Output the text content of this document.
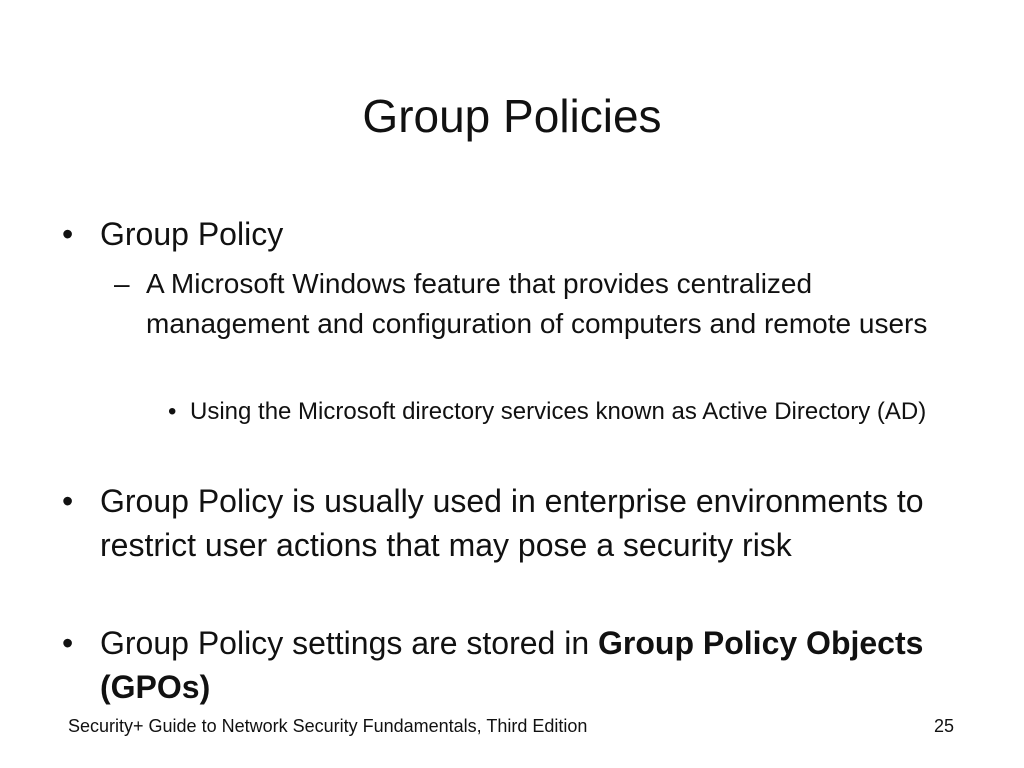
Group Policies
• Group Policy
– A Microsoft Windows feature that provides centralized management and configuration of computers and remote users
• Using the Microsoft directory services known as Active Directory (AD)
• Group Policy is usually used in enterprise environments to restrict user actions that may pose a security risk
• Group Policy settings are stored in Group Policy Objects (GPOs)
Security+ Guide to Network Security Fundamentals, Third Edition	25
